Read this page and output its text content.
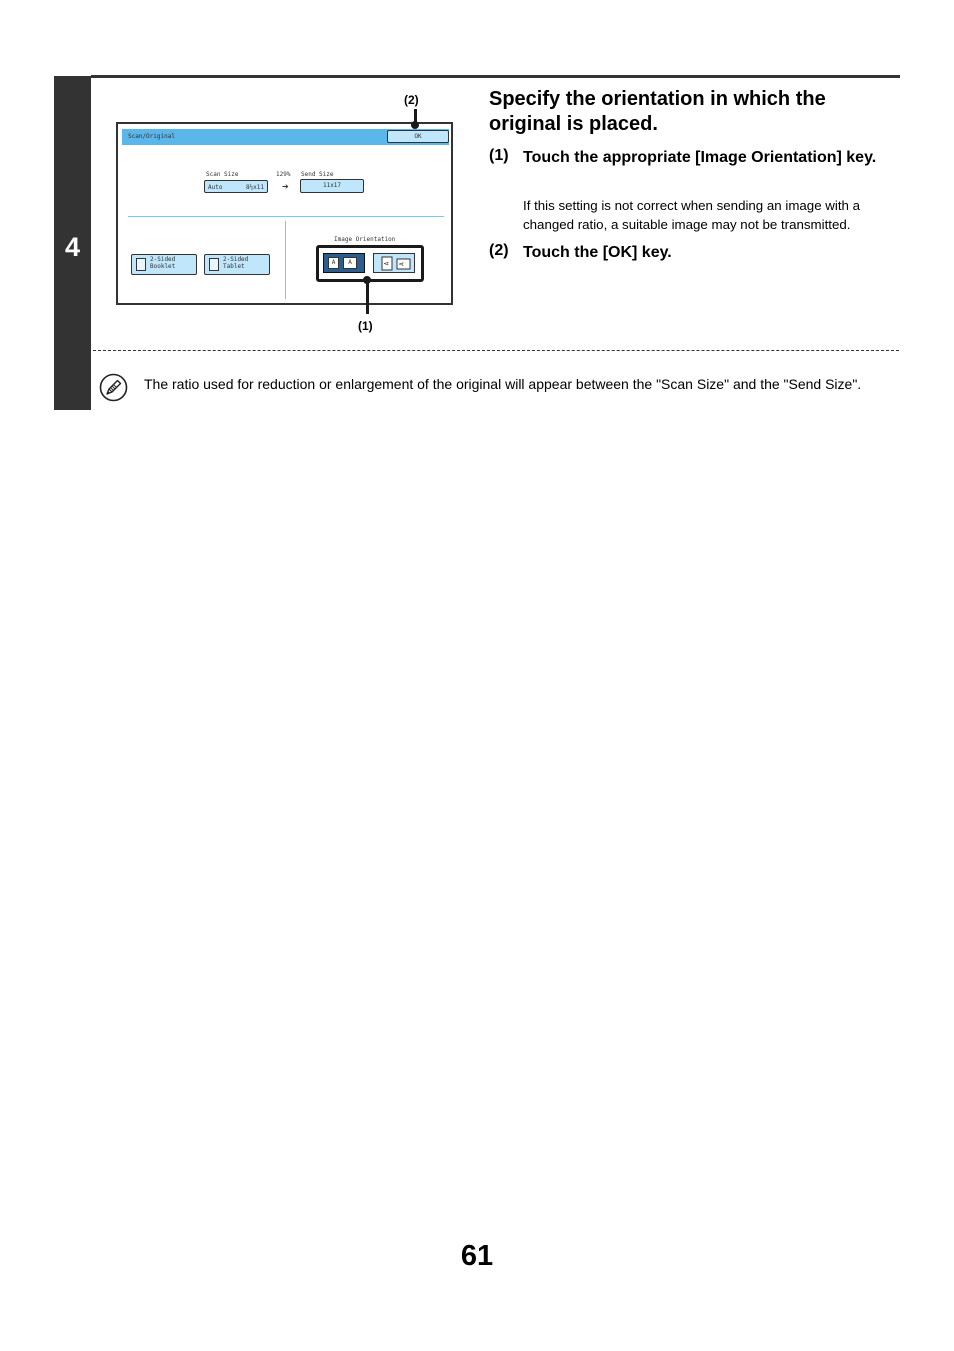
4
Scan/Original	OK
Scan Size	129% Send Size
Auto	8½x11 ➔	11x17
Image Orientation
2-Sided
Booklet
2-Sided
Tablet
A	A	A	A
(2)
(1)
Specify the orientation in which the original is placed.
(1) Touch the appropriate [Image Orientation] key.
If this setting is not correct when sending an image with a changed ratio, a suitable image may not be transmitted.
(2) Touch the [OK] key.
The ratio used for reduction or enlargement of the original will appear between the "Scan Size" and the "Send Size".
61
